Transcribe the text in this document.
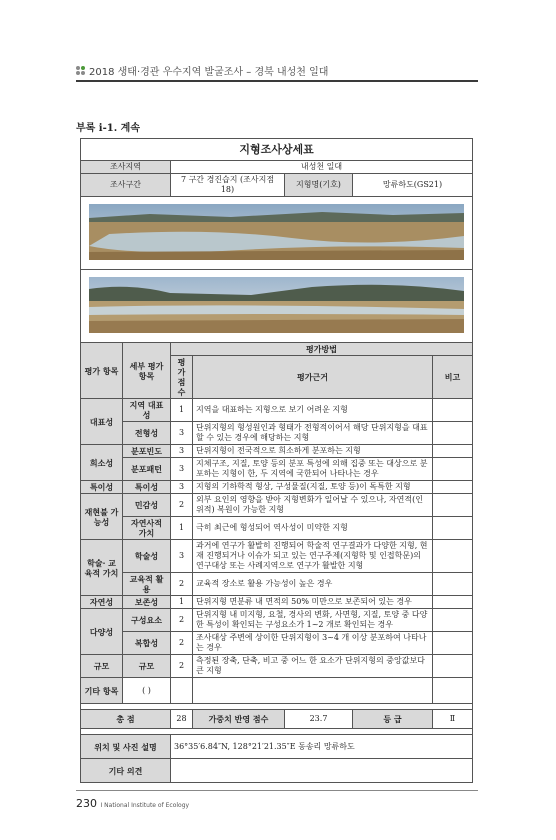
2018 생태·경관 우수지역 발굴조사 – 경북 내성천 일대
부록 i-1. 계속
지형조사상세표						
조사지역		내성천 일대				
조사구간		7 구간 경진습지 (조사지점 18)		지형명(기호)	망류하도(GS21)	

평가 항목	세부 평가항목	평가방법				
		평가 점수	평가근거			비고
대표성	지역 대표성	1	지역을 대표하는 지형으로 보기 어려운 지형			
	전형성	3	단위지형의 형성원인과 형태가 전형적이어서 해당 단위지형을 대표할 수 있는 경우에 해당하는 지형			
희소성	분포빈도	3	단위지형이 전국적으로 희소하게 분포하는 지형			
	분포패턴	3	지체구조, 지질, 토양 등의 분포 특성에 의해 집중 또는 대상으로 분포하는 지형이 한, 두 지역에 국한되어 나타나는 경우			
특이성	특이성	3	지형의 기하학적 형상, 구성물질(지질, 토양 등)이 독특한 지형			
재현불 가능성	민감성	2	외부 요인의 영향을 받아 지형변화가 일어날 수 있으나, 자연적(인위적) 복원이 가능한 지형			
	자연사적 가치	1	극히 최근에 형성되어 역사성이 미약한 지형			
학술· 교육적 가치	학술성	3	과거에 연구가 활발히 진행되어 학술적 연구결과가 다양한 지형, 현재 진행되거나 이슈가 되고 있는 연구주제(지형학 및 인접학문)의 연구대상 또는 사례지역으로 연구가 활발한 지형			
	교육적 활용	2	교육적 장소로 활용 가능성이 높은 경우			
자연성	보존성	1	단위지형 면분류 내 면적의 50% 미만으로 보존되어 있는 경우			
다양성	구성요소	2	단위지형 내 미지형, 요철, 경사의 변화, 사면형, 지질, 토양 중 다양한 특성이 확인되는 구성요소가 1~2 개로 확인되는 경우			
	복합성	2	조사대상 주변에 상이한 단위지형이 3~4 개 이상 분포하여 나타나는 경우			
규모	규모	2	측정된 장축, 단축, 비고 중 어느 한 요소가 단위지형의 중앙값보다 큰 지형			
기타 항목	( )					

총 점		28	가중치 반영 점수	23.7	등 급	Ⅱ

위치 및 사진 설명		36°35′6.84″N, 128°21′21.35″E 동송리 망류하도				
기타 의견						
230 I National Institute of Ecology
